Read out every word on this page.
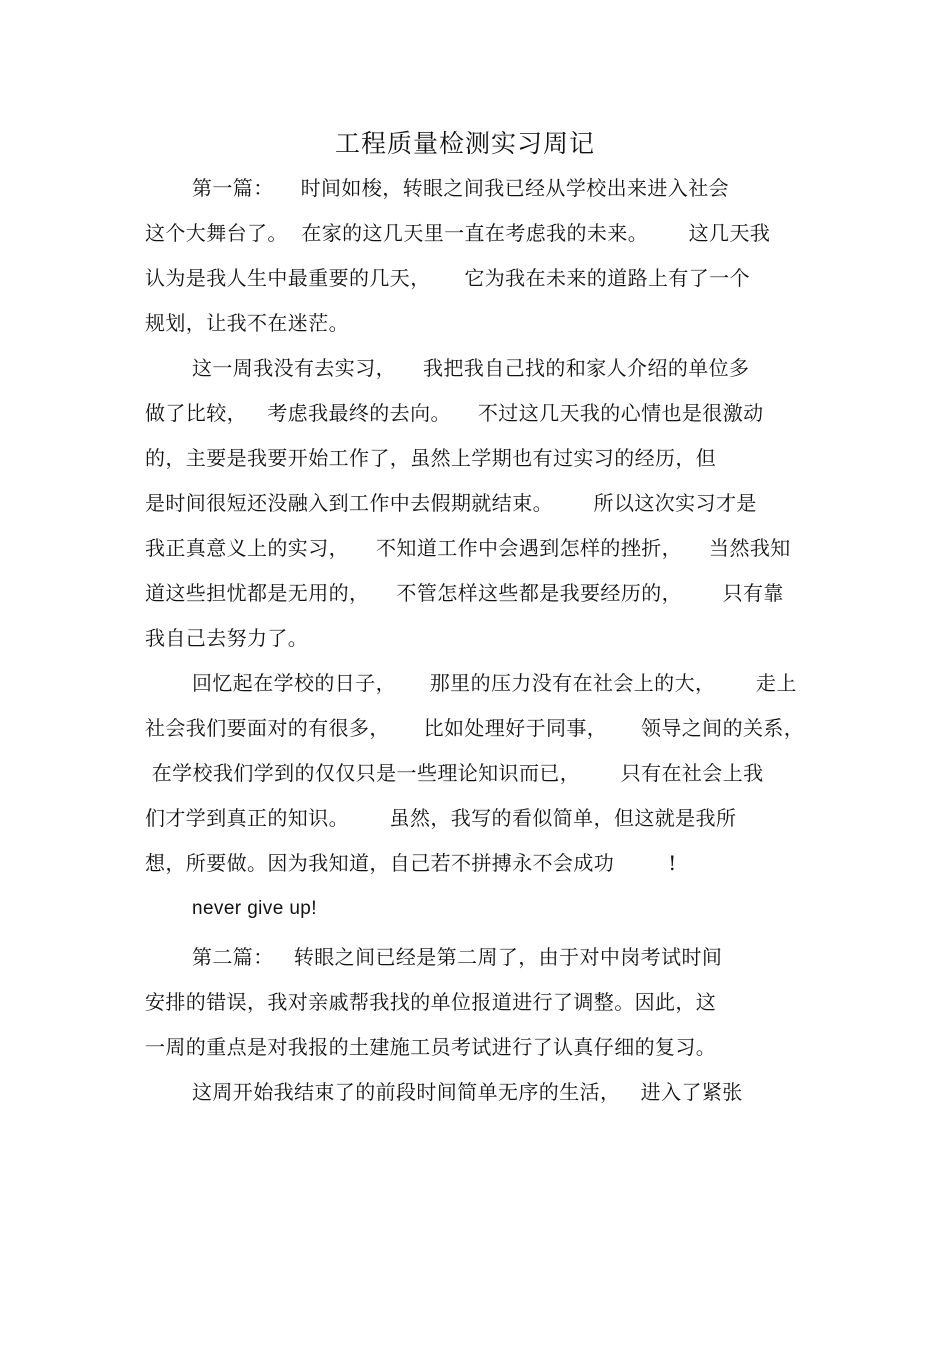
工程质量检测实习周记
第一篇：    时间如梭，转眼之间我已经从学校出来进入社会
这个大舞台了。  在家的这几天里一直在考虑我的未来。      这几天我
认为是我人生中最重要的几天，     它为我在未来的道路上有了一个
规划，让我不在迷茫。
这一周我没有去实习，    我把我自己找的和家人介绍的单位多
做了比较，   考虑我最终的去向。    不过这几天我的心情也是很激动
的，主要是我要开始工作了，虽然上学期也有过实习的经历，但
是时间很短还没融入到工作中去假期就结束。      所以这次实习才是
我正真意义上的实习，    不知道工作中会遇到怎样的挫折，    当然我知
道这些担忧都是无用的，    不管怎样这些都是我要经历的，      只有靠
我自己去努力了。
回忆起在学校的日子，     那里的压力没有在社会上的大，      走上
社会我们要面对的有很多，     比如处理好于同事，     领导之间的关系，
在学校我们学到的仅仅只是一些理论知识而已，      只有在社会上我
们才学到真正的知识。      虽然，我写的看似简单，但这就是我所
想，所要做。因为我知道，自己若不拼搏永不会成功        !
never give up!
第二篇：   转眼之间已经是第二周了，由于对中岗考试时间
安排的错误，我对亲戚帮我找的单位报道进行了调整。因此，这
一周的重点是对我报的土建施工员考试进行了认真仔细的复习。
这周开始我结束了的前段时间简单无序的生活，   进入了紧张
